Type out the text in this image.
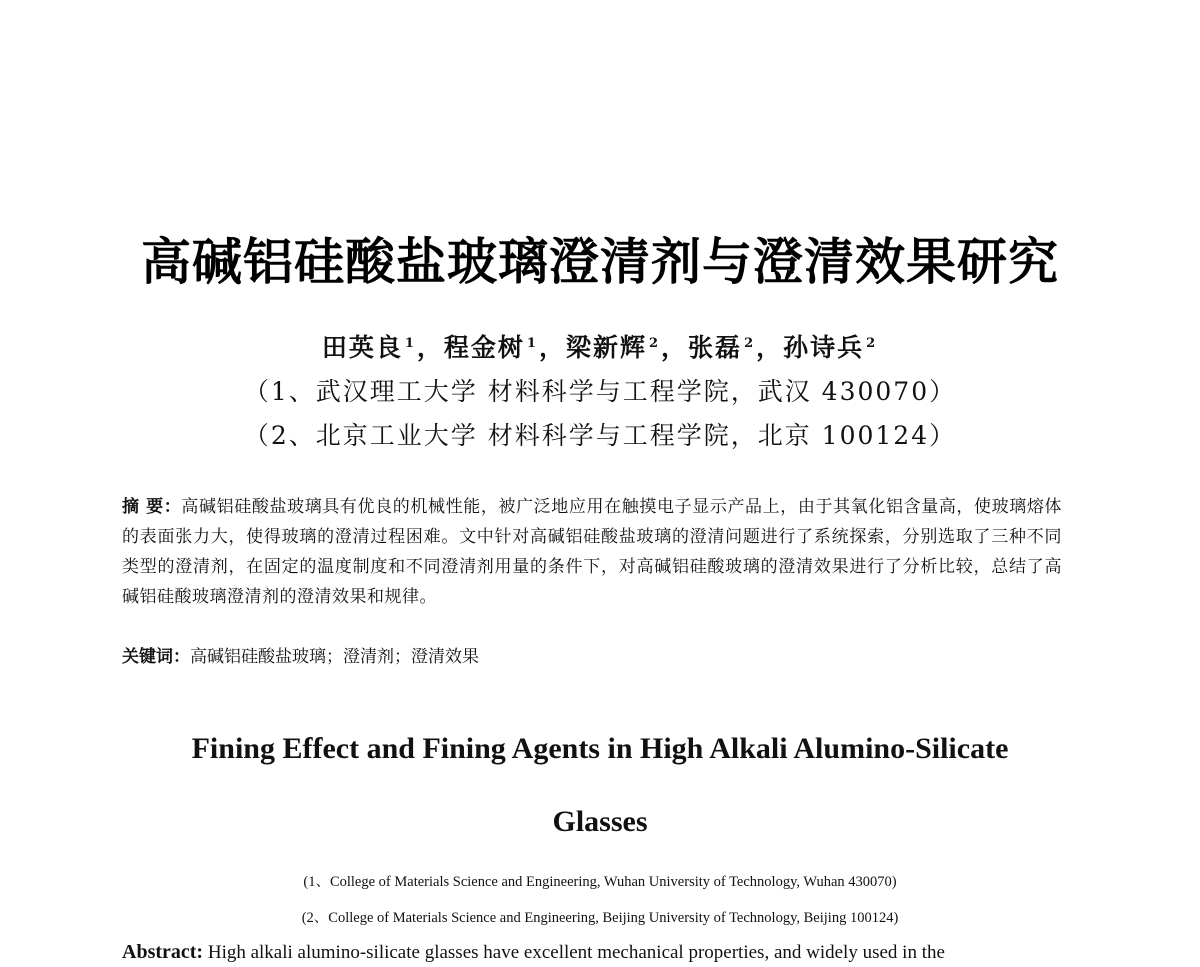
高碱铝硅酸盐玻璃澄清剂与澄清效果研究
田英良 $^1$，程金树 $^1$，梁新辉 $^2$，张磊 $^2$，孙诗兵 $^2$
（1、武汉理工大学 材料科学与工程学院，武汉 430070）
（2、北京工业大学 材料科学与工程学院，北京 100124）
摘 要：高碱铝硅酸盐玻璃具有优良的机械性能，被广泛地应用在触摸电子显示产品上，由于其氧化铝含量高，使玻璃熔体的表面张力大，使得玻璃的澄清过程困难。文中针对高碱铝硅酸盐玻璃的澄清问题进行了系统探索，分别选取了三种不同类型的澄清剂，在固定的温度制度和不同澄清剂用量的条件下，对高碱铝硅酸玻璃的澄清效果进行了分析比较，总结了高碱铝硅酸玻璃澄清剂的澄清效果和规律。
关键词：高碱铝硅酸盐玻璃；澄清剂；澄清效果
Fining Effect and Fining Agents in High Alkali Alumino-Silicate
Glasses
(1、College of Materials Science and Engineering, Wuhan University of Technology, Wuhan 430070)
(2、College of Materials Science and Engineering, Beijing University of Technology, Beijing 100124)
Abstract: High alkali alumino-silicate glasses have excellent mechanical properties, and widely used in the
